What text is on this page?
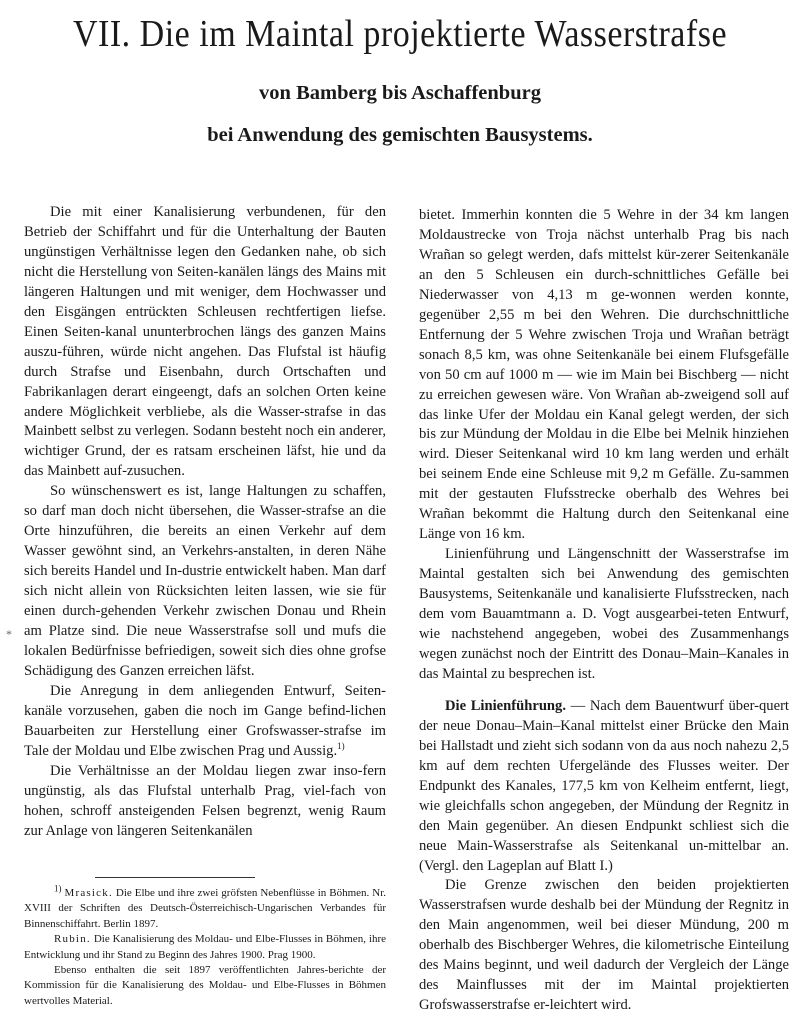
VII. Die im Maintal projektierte Wasserstrafse
von Bamberg bis Aschaffenburg
bei Anwendung des gemischten Bausystems.
*

Die mit einer Kanalisierung verbundenen, für den Betrieb der Schiffahrt und für die Unterhaltung der Bauten ungünstigen Verhältnisse legen den Gedanken nahe, ob sich nicht die Herstellung von Seiten-kanälen längs des Mains mit längeren Haltungen und mit weniger, dem Hochwasser und den Eisgängen entrückten Schleusen rechtfertigen liefse. Einen Seiten-kanal ununterbrochen längs des ganzen Mains auszu-führen, würde nicht angehen. Das Flufstal ist häufig durch Strafse und Eisenbahn, durch Ortschaften und Fabrikanlagen derart eingeengt, dafs an solchen Orten keine andere Möglichkeit verbliebe, als die Wasser-strafse in das Mainbett selbst zu verlegen. Sodann besteht noch ein anderer, wichtiger Grund, der es ratsam erscheinen läfst, hie und da das Mainbett auf-zusuchen.

So wünschenswert es ist, lange Haltungen zu schaffen, so darf man doch nicht übersehen, die Wasser-strafse an die Orte hinzuführen, die bereits an einen Verkehr auf dem Wasser gewöhnt sind, an Verkehrs-anstalten, in deren Nähe sich bereits Handel und In-dustrie entwickelt haben. Man darf sich nicht allein von Rücksichten leiten lassen, wie sie für einen durch-gehenden Verkehr zwischen Donau und Rhein am Platze sind. Die neue Wasserstrafse soll und mufs die lokalen Bedürfnisse befriedigen, soweit sich dies ohne grofse Schädigung des Ganzen erreichen läfst.

Die Anregung in dem anliegenden Entwurf, Seiten-kanäle vorzusehen, gaben die noch im Gange befind-lichen Bauarbeiten zur Herstellung einer Grofswasser-strafse im Tale der Moldau und Elbe zwischen Prag und Aussig.$^{1)}$

Die Verhältnisse an der Moldau liegen zwar inso-fern ungünstig, als das Flufstal unterhalb Prag, viel-fach von hohen, schroff ansteigenden Felsen begrenzt, wenig Raum zur Anlage von längeren Seitenkanälen

$^{1)}$ Mrasick. Die Elbe und ihre zwei gröfsten Nebenflüsse in Böhmen. Nr. XVIII der Schriften des Deutsch-Österreichisch-Ungarischen Verbandes für Binnenschiffahrt. Berlin 1897.

Rubin. Die Kanalisierung des Moldau- und Elbe-Flusses in Böhmen, ihre Entwicklung und ihr Stand zu Beginn des Jahres 1900. Prag 1900.

Ebenso enthalten die seit 1897 veröffentlichten Jahres-berichte der Kommission für die Kanalisierung des Moldau- und Elbe-Flusses in Böhmen wertvolles Material.

bietet. Immerhin konnten die 5 Wehre in der 34 km langen Moldaustrecke von Troja nächst unterhalb Prag bis nach Wrañan so gelegt werden, dafs mittelst kür-zerer Seitenkanäle an den 5 Schleusen ein durch-schnittliches Gefälle bei Niederwasser von 4,13 m ge-wonnen werden konnte, gegenüber 2,55 m bei den Wehren. Die durchschnittliche Entfernung der 5 Wehre zwischen Troja und Wrañan beträgt sonach 8,5 km, was ohne Seitenkanäle bei einem Flufsgefälle von 50 cm auf 1000 m — wie im Main bei Bischberg — nicht zu erreichen gewesen wäre. Von Wrañan ab-zweigend soll auf das linke Ufer der Moldau ein Kanal gelegt werden, der sich bis zur Mündung der Moldau in die Elbe bei Melnik hinziehen wird. Dieser Seitenkanal wird 10 km lang werden und erhält bei seinem Ende eine Schleuse mit 9,2 m Gefälle. Zu-sammen mit der gestauten Flufsstrecke oberhalb des Wehres bei Wrañan bekommt die Haltung durch den Seitenkanal eine Länge von 16 km.

Linienführung und Längenschnitt der Wasserstrafse im Maintal gestalten sich bei Anwendung des gemischten Bausystems, Seitenkanäle und kanalisierte Flufsstrecken, nach dem vom Bauamtmann a. D. Vogt ausgearbei-teten Entwurf, wie nachstehend angegeben, wobei des Zusammenhangs wegen zunächst noch der Eintritt des Donau–Main–Kanales in das Maintal zu besprechen ist.

Die Linienführung. — Nach dem Bauentwurf über-quert der neue Donau–Main–Kanal mittelst einer Brücke den Main bei Hallstadt und zieht sich sodann von da aus noch nahezu 2,5 km auf dem rechten Ufergelände des Flusses weiter. Der Endpunkt des Kanales, 177,5 km von Kelheim entfernt, liegt, wie gleichfalls schon angegeben, der Mündung der Regnitz in den Main gegenüber. An diesen Endpunkt schliest sich die neue Main-Wasserstrafse als Seitenkanal un-mittelbar an. (Vergl. den Lageplan auf Blatt I.)

Die Grenze zwischen den beiden projektierten Wasserstrafsen wurde deshalb bei der Mündung der Regnitz in den Main angenommen, weil bei dieser Mündung, 200 m oberhalb des Bischberger Wehres, die kilometrische Einteilung des Mains beginnt, und weil dadurch der Vergleich der Länge des Mainflusses mit der im Maintal projektierten Grofswasserstrafse er-leichtert wird.
